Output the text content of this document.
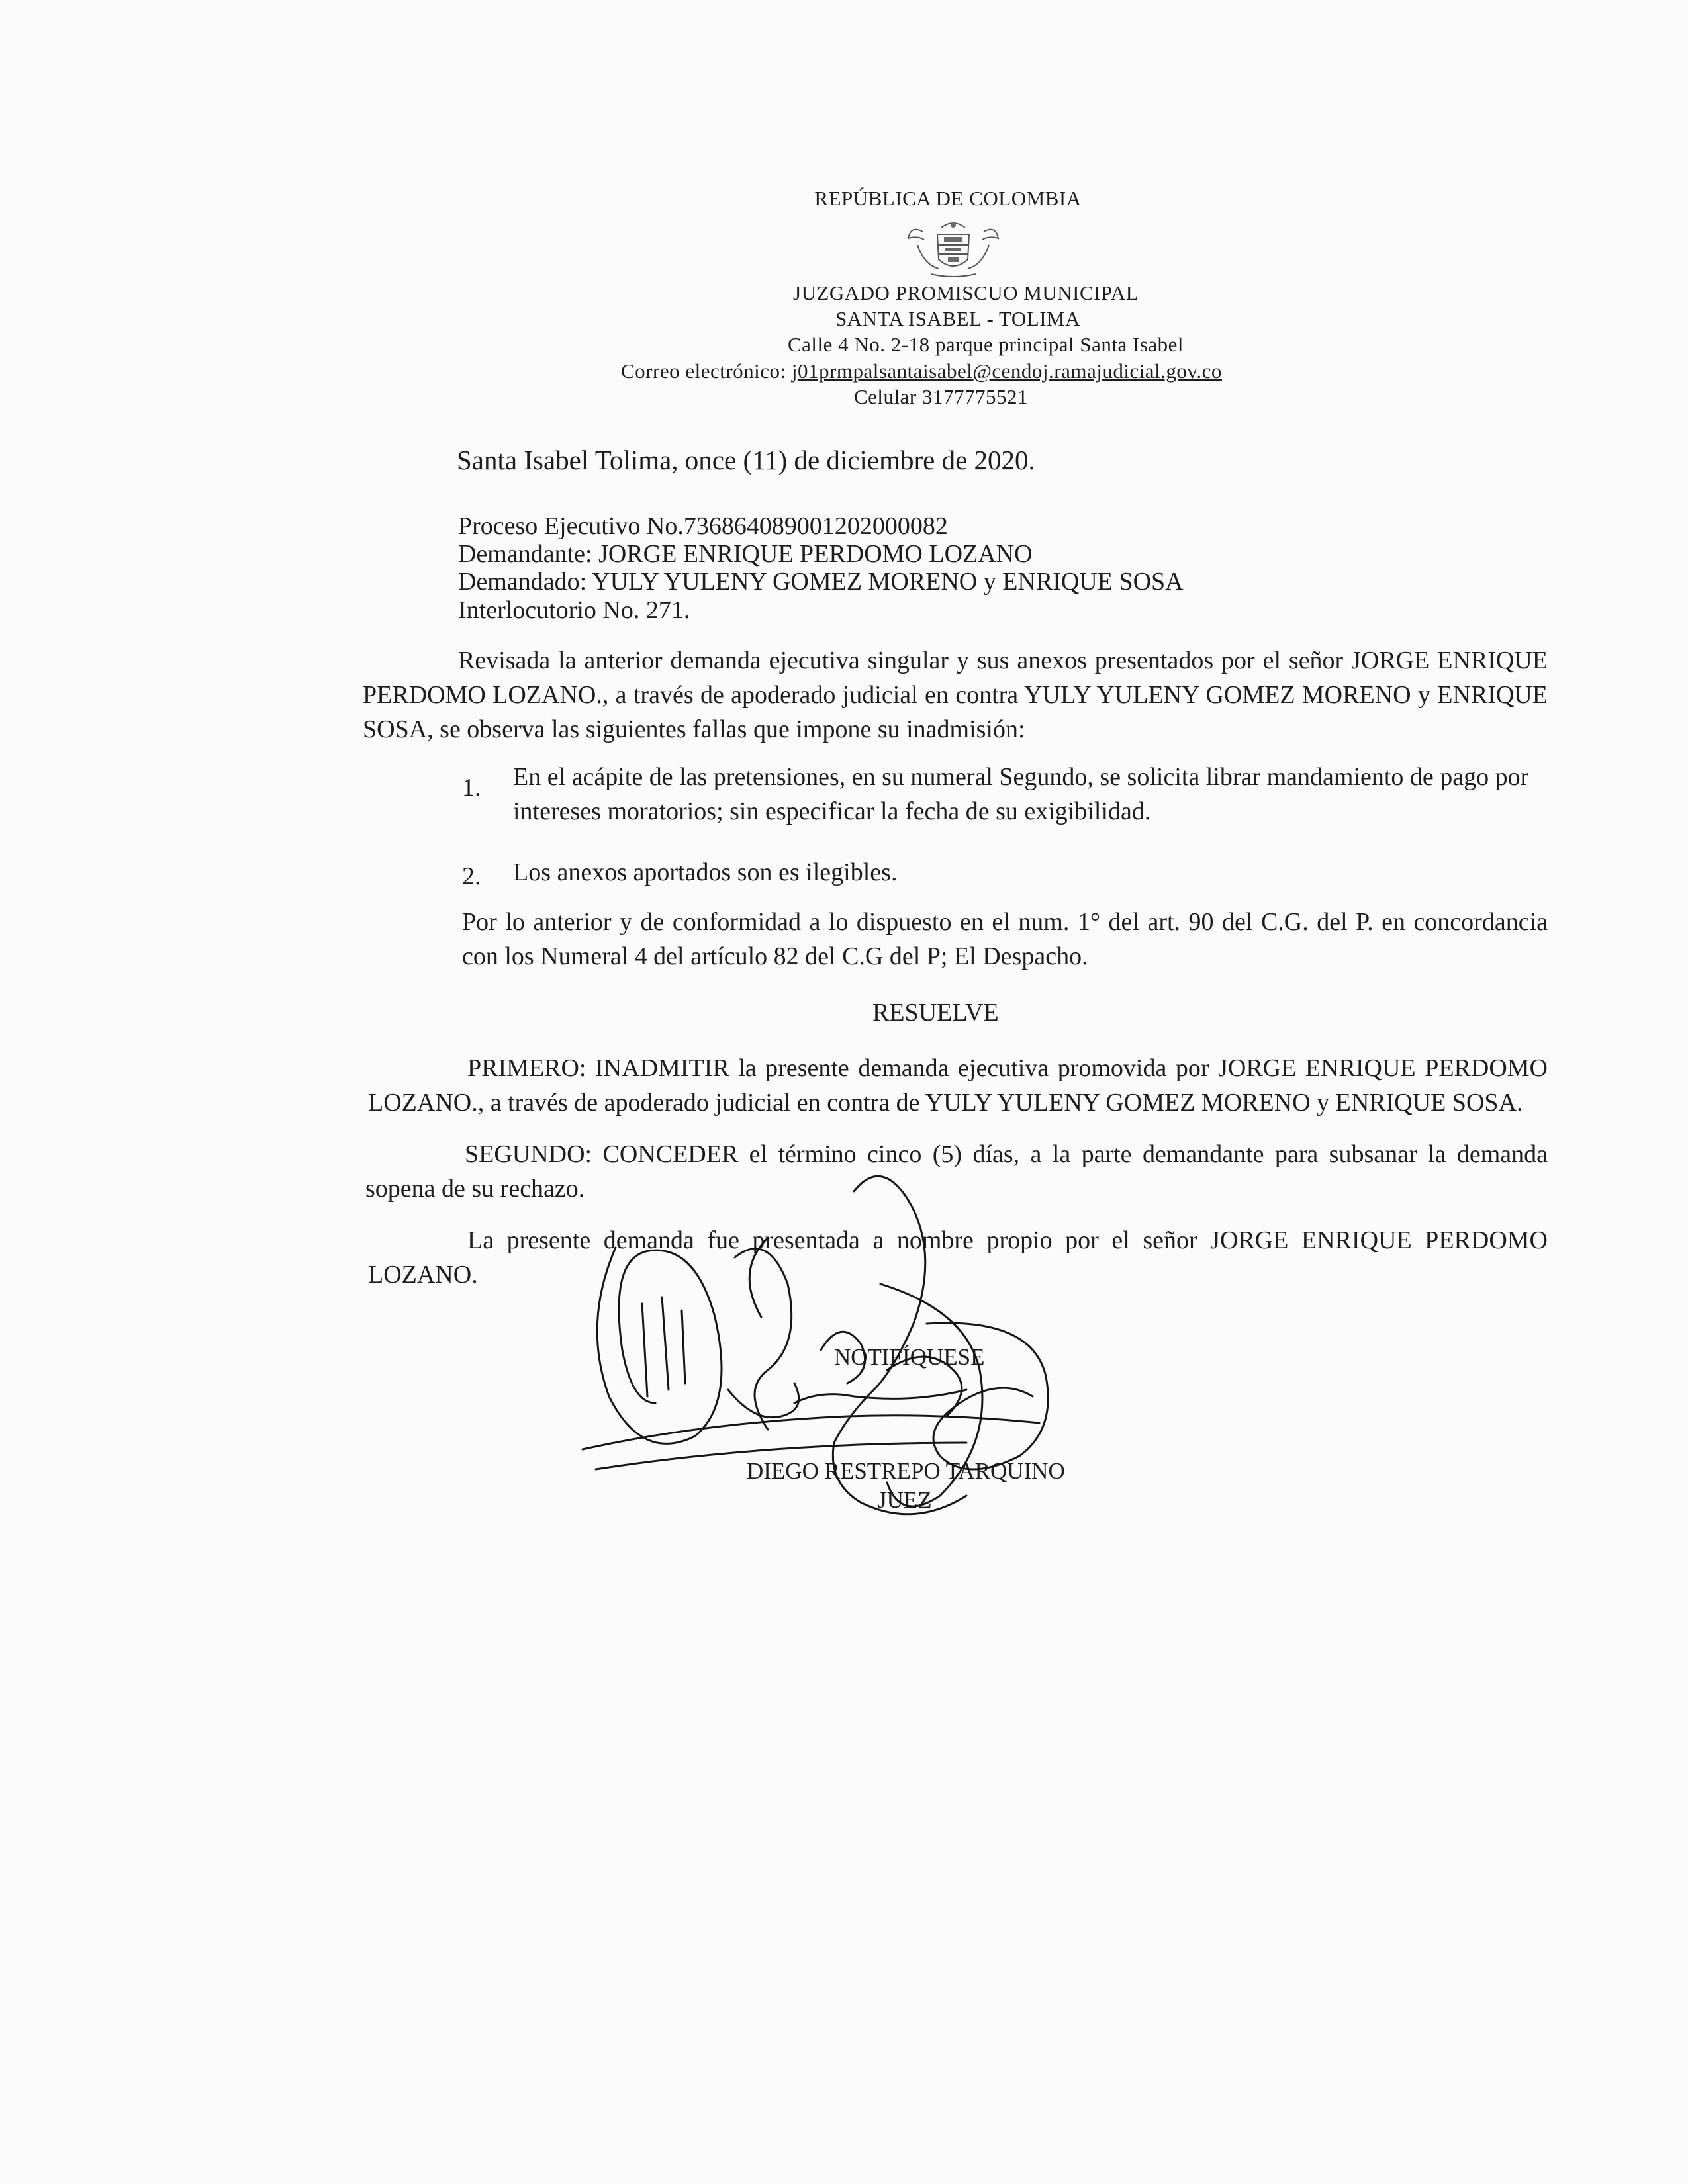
REPÚBLICA DE COLOMBIA
JUZGADO PROMISCUO MUNICIPAL
SANTA ISABEL - TOLIMA
Calle 4 No. 2-18 parque principal Santa Isabel
Correo electrónico: j01prmpalsantaisabel@cendoj.ramajudicial.gov.co
Celular 3177775521
Santa Isabel Tolima, once (11) de diciembre de 2020.
Proceso Ejecutivo No.73686408900120200008​2
Demandante: JORGE ENRIQUE PERDOMO LOZANO
Demandado: YULY YULENY GOMEZ MORENO y ENRIQUE SOSA
Interlocutorio No. 271.
Revisada la anterior demanda ejecutiva singular y sus anexos presentados por el señor JORGE ENRIQUE PERDOMO LOZANO., a través de apoderado judicial en contra YULY YULENY GOMEZ MORENO y ENRIQUE SOSA, se observa las siguientes fallas que impone su inadmisión:
1. En el acápite de las pretensiones, en su numeral Segundo, se solicita librar mandamiento de pago por intereses moratorios; sin especificar la fecha de su exigibilidad.
2. Los anexos aportados son es ilegibles.
Por lo anterior y de conformidad a lo dispuesto en el num. 1° del art. 90 del C.G. del P. en concordancia con los Numeral 4 del artículo 82 del C.G del P; El Despacho.
RESUELVE
PRIMERO: INADMITIR la presente demanda ejecutiva promovida por JORGE ENRIQUE PERDOMO LOZANO., a través de apoderado judicial en contra de YULY YULENY GOMEZ MORENO y ENRIQUE SOSA.
SEGUNDO: CONCEDER el término cinco (5) días, a la parte demandante para subsanar la demanda sopena de su rechazo.
La presente demanda fue presentada a nombre propio por el señor JORGE ENRIQUE PERDOMO LOZANO.
NOTIFÍQUESE
DIEGO RESTREPO TARQUINO
JUEZ
